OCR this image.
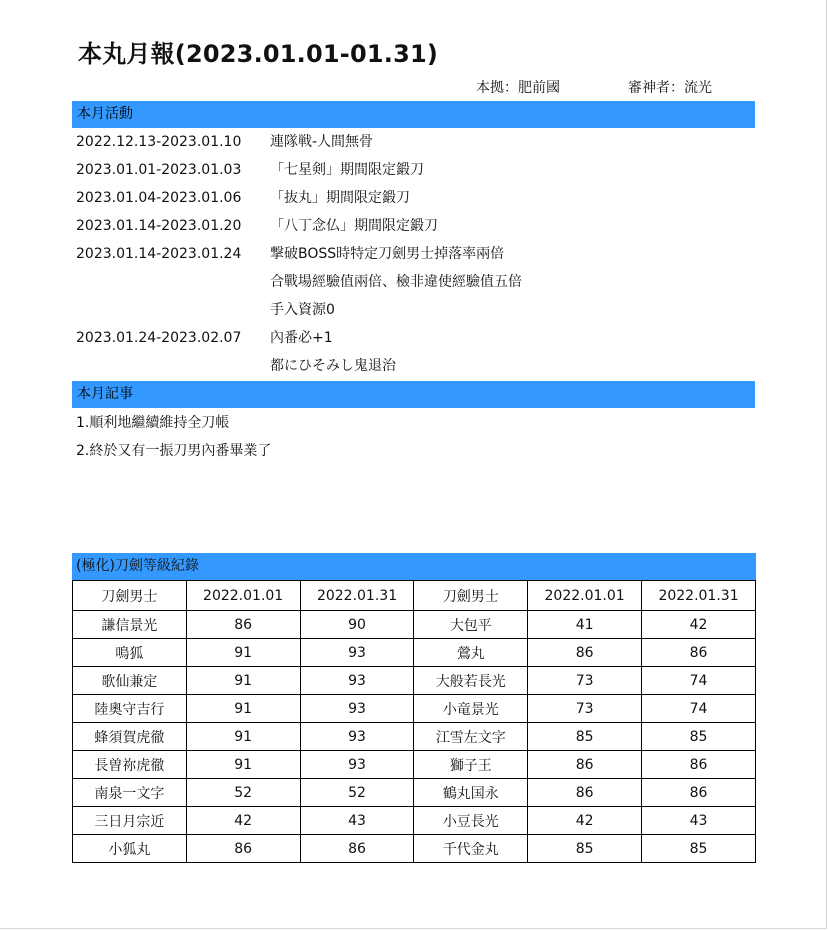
本丸月報(2023.01.01-01.31)
本拠：肥前國	審神者：流光
本月活動
2022.12.13-2023.01.10 連隊戦-人間無骨
2023.01.01-2023.01.03 「七星剣」期間限定鍛刀
2023.01.04-2023.01.06 「抜丸」期間限定鍛刀
2023.01.14-2023.01.20 「八丁念仏」期間限定鍛刀
2023.01.14-2023.01.24 撃破BOSS時特定刀劍男士掉落率兩倍
合戰場經驗值兩倍、檢非違使經驗值五倍
手入資源0
2023.01.24-2023.02.07 內番必+1
都にひそみし鬼退治
本月記事
1.順利地繼續維持全刀帳
2.終於又有一振刀男內番畢業了
(極化)刀劍等級紀錄
刀劍男士	2022.01.01	2022.01.31	刀劍男士	2022.01.01	2022.01.31
謙信景光	86	90	大包平	41	42
鳴狐	91	93	鶯丸	86	86
歌仙兼定	91	93	大般若長光	73	74
陸奧守吉行	91	93	小竜景光	73	74
蜂須賀虎徹	91	93	江雪左文字	85	85
長曽祢虎徹	91	93	獅子王	86	86
南泉一文字	52	52	鶴丸国永	86	86
三日月宗近	42	43	小豆長光	42	43
小狐丸	86	86	千代金丸	85	85
